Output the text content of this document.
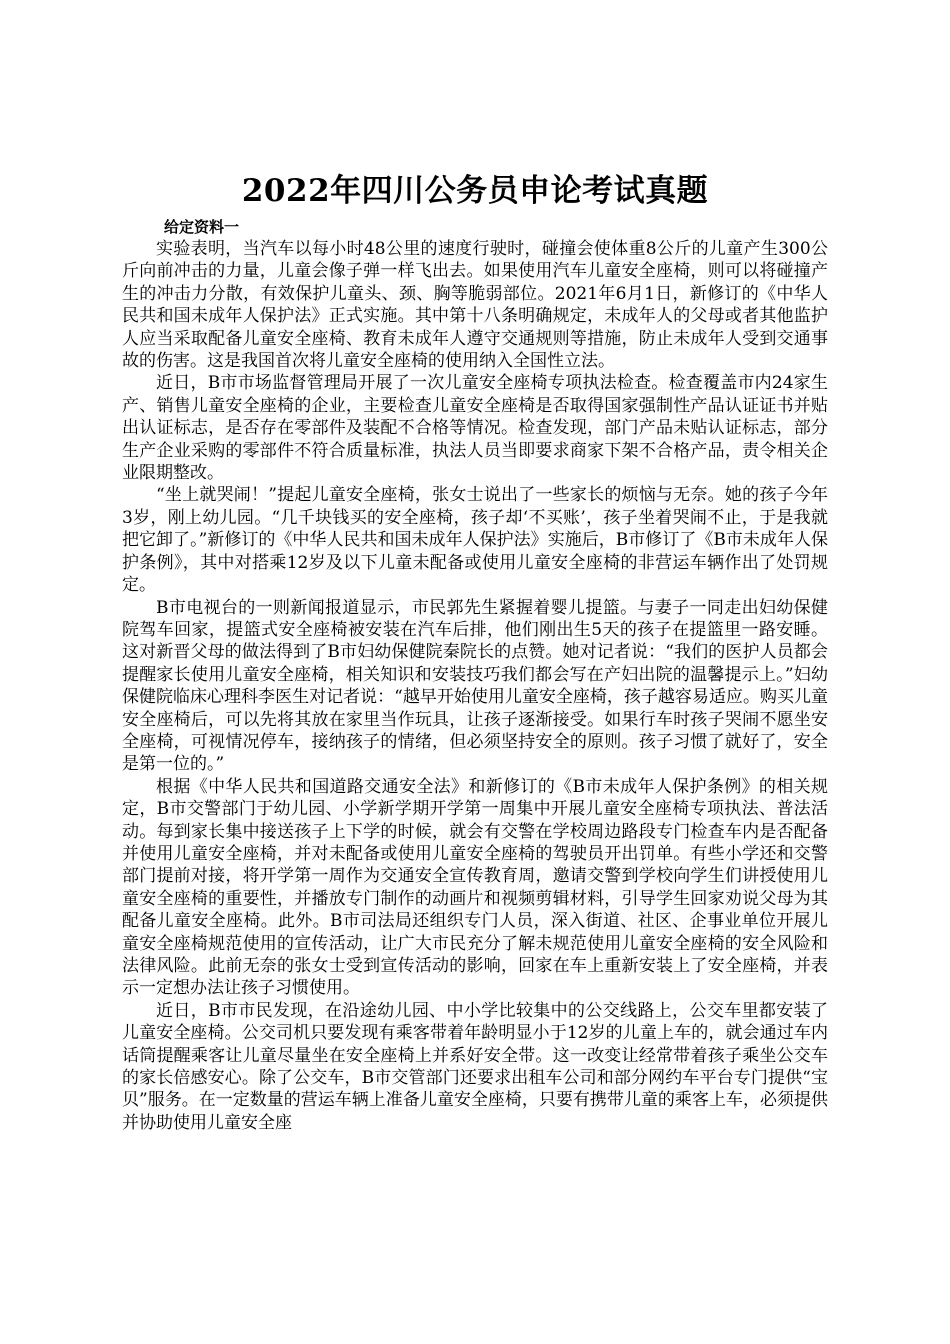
2022年四川公务员申论考试真题
给定资料一

实验表明，当汽车以每小时48公里的速度行驶时，碰撞会使体重8公斤的儿童产生300公斤向前冲击的力量，儿童会像子弹一样飞出去。如果使用汽车儿童安全座椅，则可以将碰撞产生的冲击力分散，有效保护儿童头、颈、胸等脆弱部位。2021年6月1日，新修订的《中华人民共和国未成年人保护法》正式实施。其中第十八条明确规定，未成年人的父母或者其他监护人应当采取配备儿童安全座椅、教育未成年人遵守交通规则等措施，防止未成年人受到交通事故的伤害。这是我国首次将儿童安全座椅的使用纳入全国性立法。

近日，B市市场监督管理局开展了一次儿童安全座椅专项执法检查。检查覆盖市内24家生产、销售儿童安全座椅的企业，主要检查儿童安全座椅是否取得国家强制性产品认证证书并贴出认证标志，是否存在零部件及装配不合格等情况。检查发现，部门产品未贴认证标志，部分生产企业采购的零部件不符合质量标准，执法人员当即要求商家下架不合格产品，责令相关企业限期整改。

“坐上就哭闹！”提起儿童安全座椅，张女士说出了一些家长的烦恼与无奈。她的孩子今年3岁，刚上幼儿园。“几千块钱买的安全座椅，孩子却‘不买账’，孩子坐着哭闹不止，于是我就把它卸了。”新修订的《中华人民共和国未成年人保护法》实施后，B市修订了《B市未成年人保护条例》，其中对搭乘12岁及以下儿童未配备或使用儿童安全座椅的非营运车辆作出了处罚规定。

B市电视台的一则新闻报道显示，市民郭先生紧握着婴儿提篮。与妻子一同走出妇幼保健院驾车回家，提篮式安全座椅被安装在汽车后排，他们刚出生5天的孩子在提篮里一路安睡。这对新晋父母的做法得到了B市妇幼保健院秦院长的点赞。她对记者说：“我们的医护人员都会提醒家长使用儿童安全座椅，相关知识和安装技巧我们都会写在产妇出院的温馨提示上。”妇幼保健院临床心理科李医生对记者说：“越早开始使用儿童安全座椅，孩子越容易适应。购买儿童安全座椅后，可以先将其放在家里当作玩具，让孩子逐渐接受。如果行车时孩子哭闹不愿坐安全座椅，可视情况停车，接纳孩子的情绪，但必须坚持安全的原则。孩子习惯了就好了，安全是第一位的。”

根据《中华人民共和国道路交通安全法》和新修订的《B市未成年人保护条例》的相关规定，B市交警部门于幼儿园、小学新学期开学第一周集中开展儿童安全座椅专项执法、普法活动。每到家长集中接送孩子上下学的时候，就会有交警在学校周边路段专门检查车内是否配备并使用儿童安全座椅，并对未配备或使用儿童安全座椅的驾驶员开出罚单。有些小学还和交警部门提前对接，将开学第一周作为交通安全宣传教育周，邀请交警到学校向学生们讲授使用儿童安全座椅的重要性，并播放专门制作的动画片和视频剪辑材料，引导学生回家劝说父母为其配备儿童安全座椅。此外。B市司法局还组织专门人员，深入街道、社区、企事业单位开展儿童安全座椅规范使用的宣传活动，让广大市民充分了解未规范使用儿童安全座椅的安全风险和法律风险。此前无奈的张女士受到宣传活动的影响，回家在车上重新安装上了安全座椅，并表示一定想办法让孩子习惯使用。

近日，B市市民发现，在沿途幼儿园、中小学比较集中的公交线路上，公交车里都安装了儿童安全座椅。公交司机只要发现有乘客带着年龄明显小于12岁的儿童上车的，就会通过车内话筒提醒乘客让儿童尽量坐在安全座椅上并系好安全带。这一改变让经常带着孩子乘坐公交车的家长倍感安心。除了公交车，B市交管部门还要求出租车公司和部分网约车平台专门提供“宝贝”服务。在一定数量的营运车辆上准备儿童安全座椅，只要有携带儿童的乘客上车，必须提供并协助使用儿童安全座
